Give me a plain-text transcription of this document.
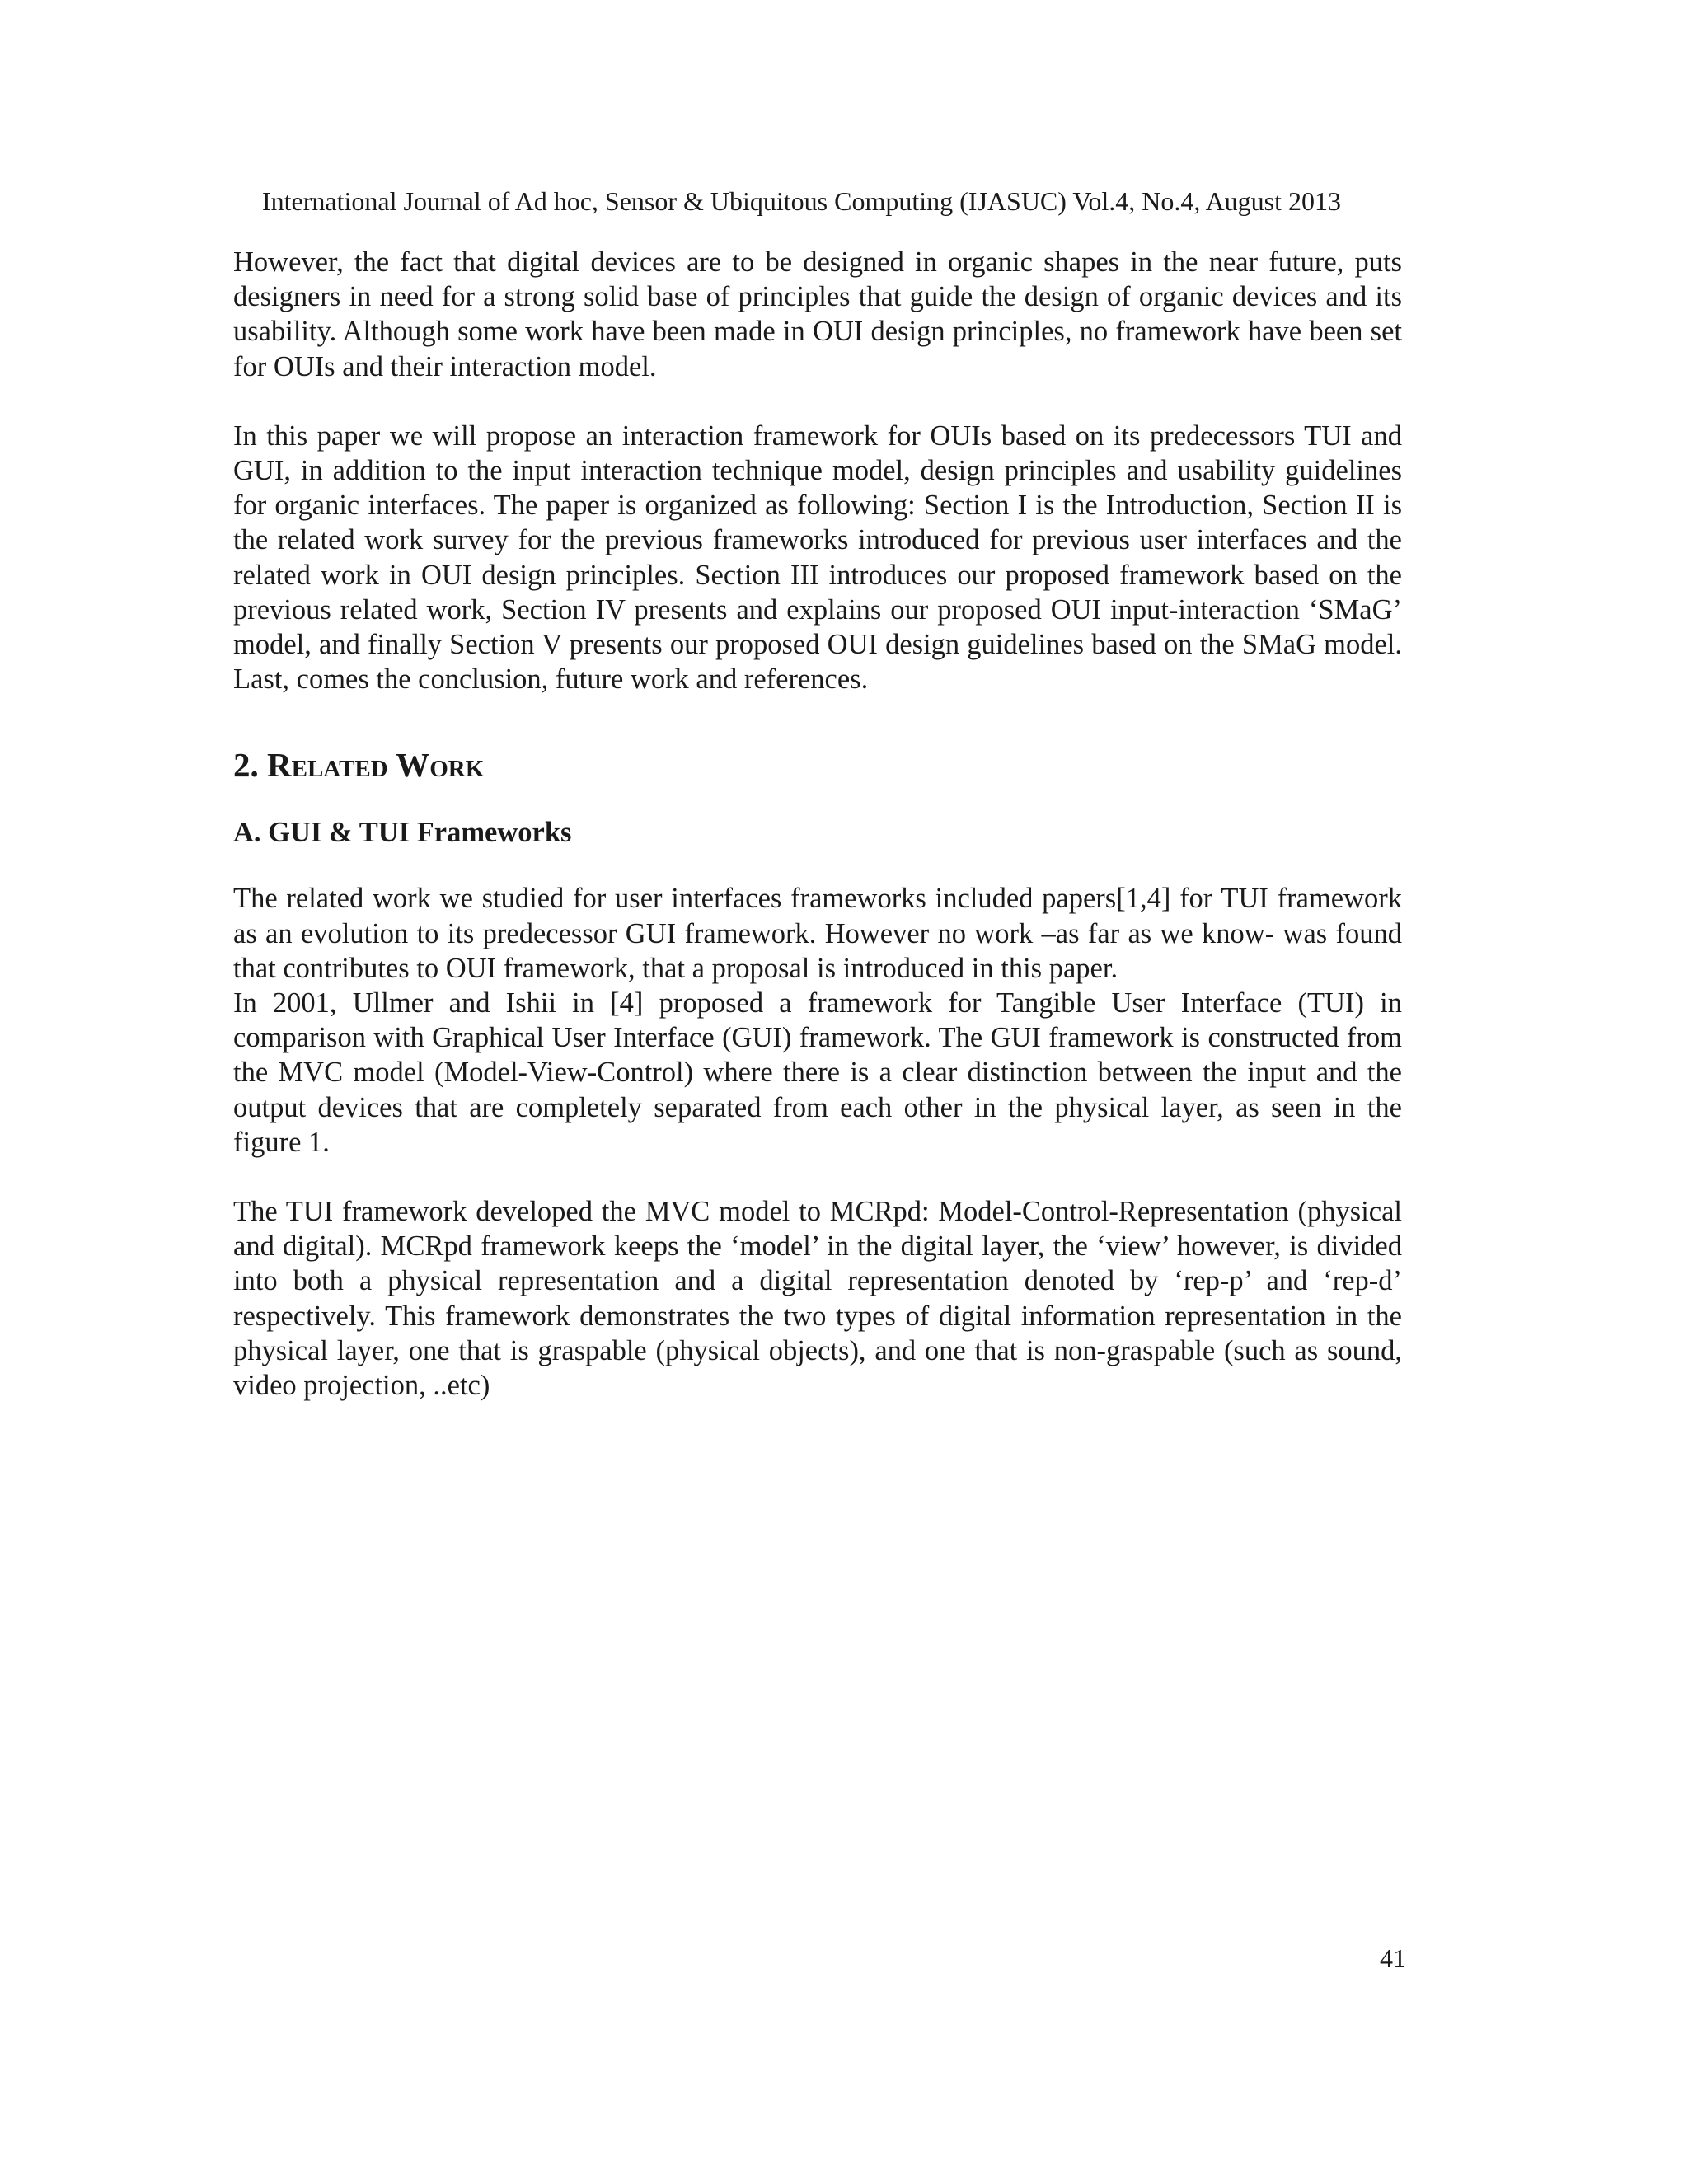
International Journal of Ad hoc, Sensor & Ubiquitous Computing (IJASUC) Vol.4, No.4, August 2013

However, the fact that digital devices are to be designed in organic shapes in the near future, puts designers in need for a strong solid base of principles that guide the design of organic devices and its usability. Although some work have been made in OUI design principles, no framework have been set for OUIs and their interaction model.

In this paper we will propose an interaction framework for OUIs based on its predecessors TUI and GUI, in addition to the input interaction technique model, design principles and usability guidelines for organic interfaces. The paper is organized as following: Section I is the Introduction, Section II is the related work survey for the previous frameworks introduced for previous user interfaces and the related work in OUI design principles. Section III introduces our proposed framework based on the previous related work, Section IV presents and explains our proposed OUI input-interaction ‘SMaG’ model, and finally Section V presents our proposed OUI design guidelines based on the SMaG model. Last, comes the conclusion, future work and references.

2. Related Work
A. GUI & TUI Frameworks

The related work we studied for user interfaces frameworks included papers[1,4] for TUI framework as an evolution to its predecessor GUI framework. However no work –as far as we know- was found that contributes to OUI framework, that a proposal is introduced in this paper.

In 2001, Ullmer and Ishii in [4] proposed a framework for Tangible User Interface (TUI) in comparison with Graphical User Interface (GUI) framework. The GUI framework is constructed from the MVC model (Model-View-Control) where there is a clear distinction between the input and the output devices that are completely separated from each other in the physical layer, as seen in the figure 1.

The TUI framework developed the MVC model to MCRpd: Model-Control-Representation (physical and digital). MCRpd framework keeps the ‘model’ in the digital layer, the ‘view’ however, is divided into both a physical representation and a digital representation denoted by ‘rep-p’ and ‘rep-d’ respectively. This framework demonstrates the two types of digital information representation in the physical layer, one that is graspable (physical objects), and one that is non-graspable (such as sound, video projection, ..etc)

41
